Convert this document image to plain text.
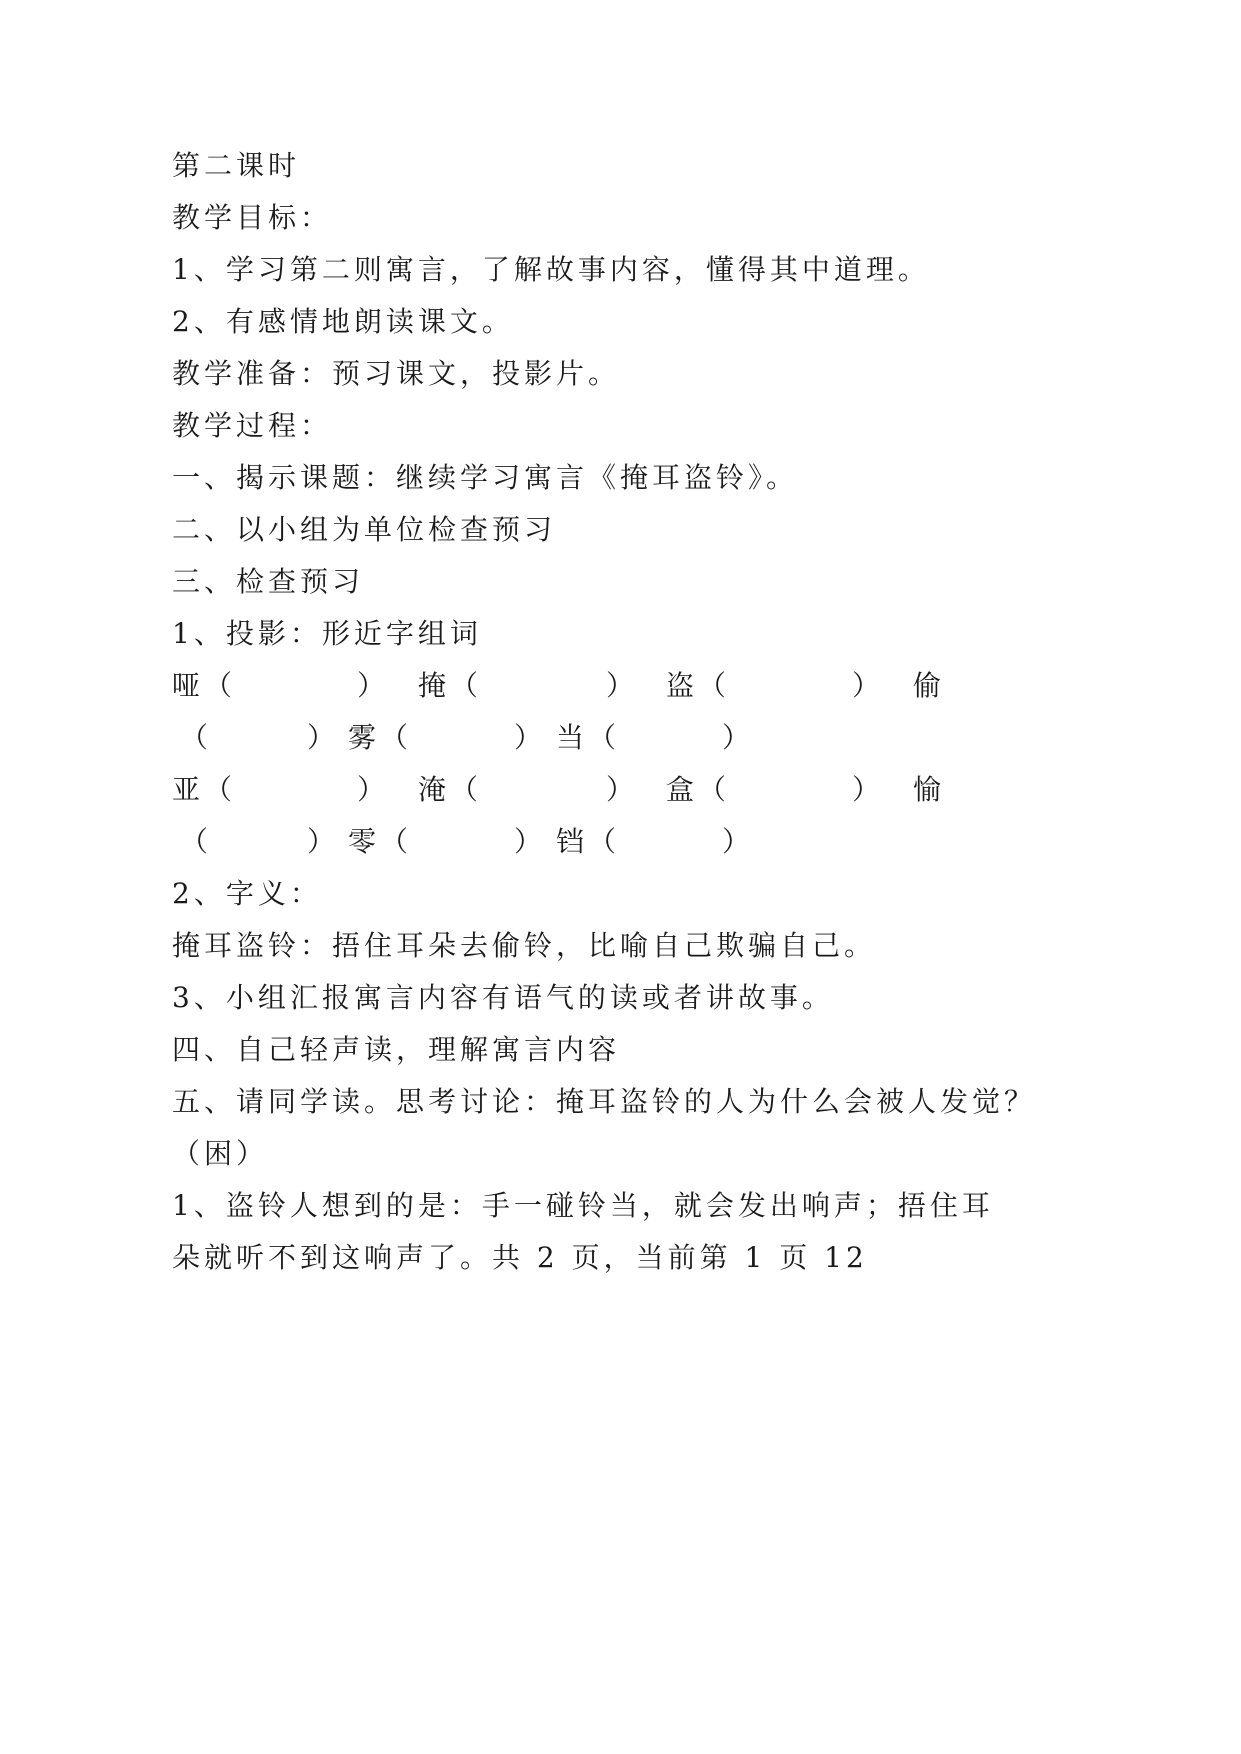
第二课时
教学目标：
1、学习第二则寓言，了解故事内容，懂得其中道理。
2、有感情地朗读课文。
教学准备：预习课文，投影片。
教学过程：
一、揭示课题：继续学习寓言《掩耳盗铃》。
二、以小组为单位检查预习
三、检查预习
1、投影：形近字组词
哑（	） 掩（	） 盗（	） 偷
（	） 雾（	） 当（	）
亚（	） 淹（	） 盒（	） 愉
（	） 零（	） 铛（	）
2、字义：
掩耳盗铃：捂住耳朵去偷铃，比喻自己欺骗自己。
3、小组汇报寓言内容有语气的读或者讲故事。
四、自己轻声读，理解寓言内容
五、请同学读。思考讨论：掩耳盗铃的人为什么会被人发觉？
（困）
1、盗铃人想到的是：手一碰铃当，就会发出响声；捂住耳
朵就听不到这响声了。共 2 页，当前第 1 页 12
